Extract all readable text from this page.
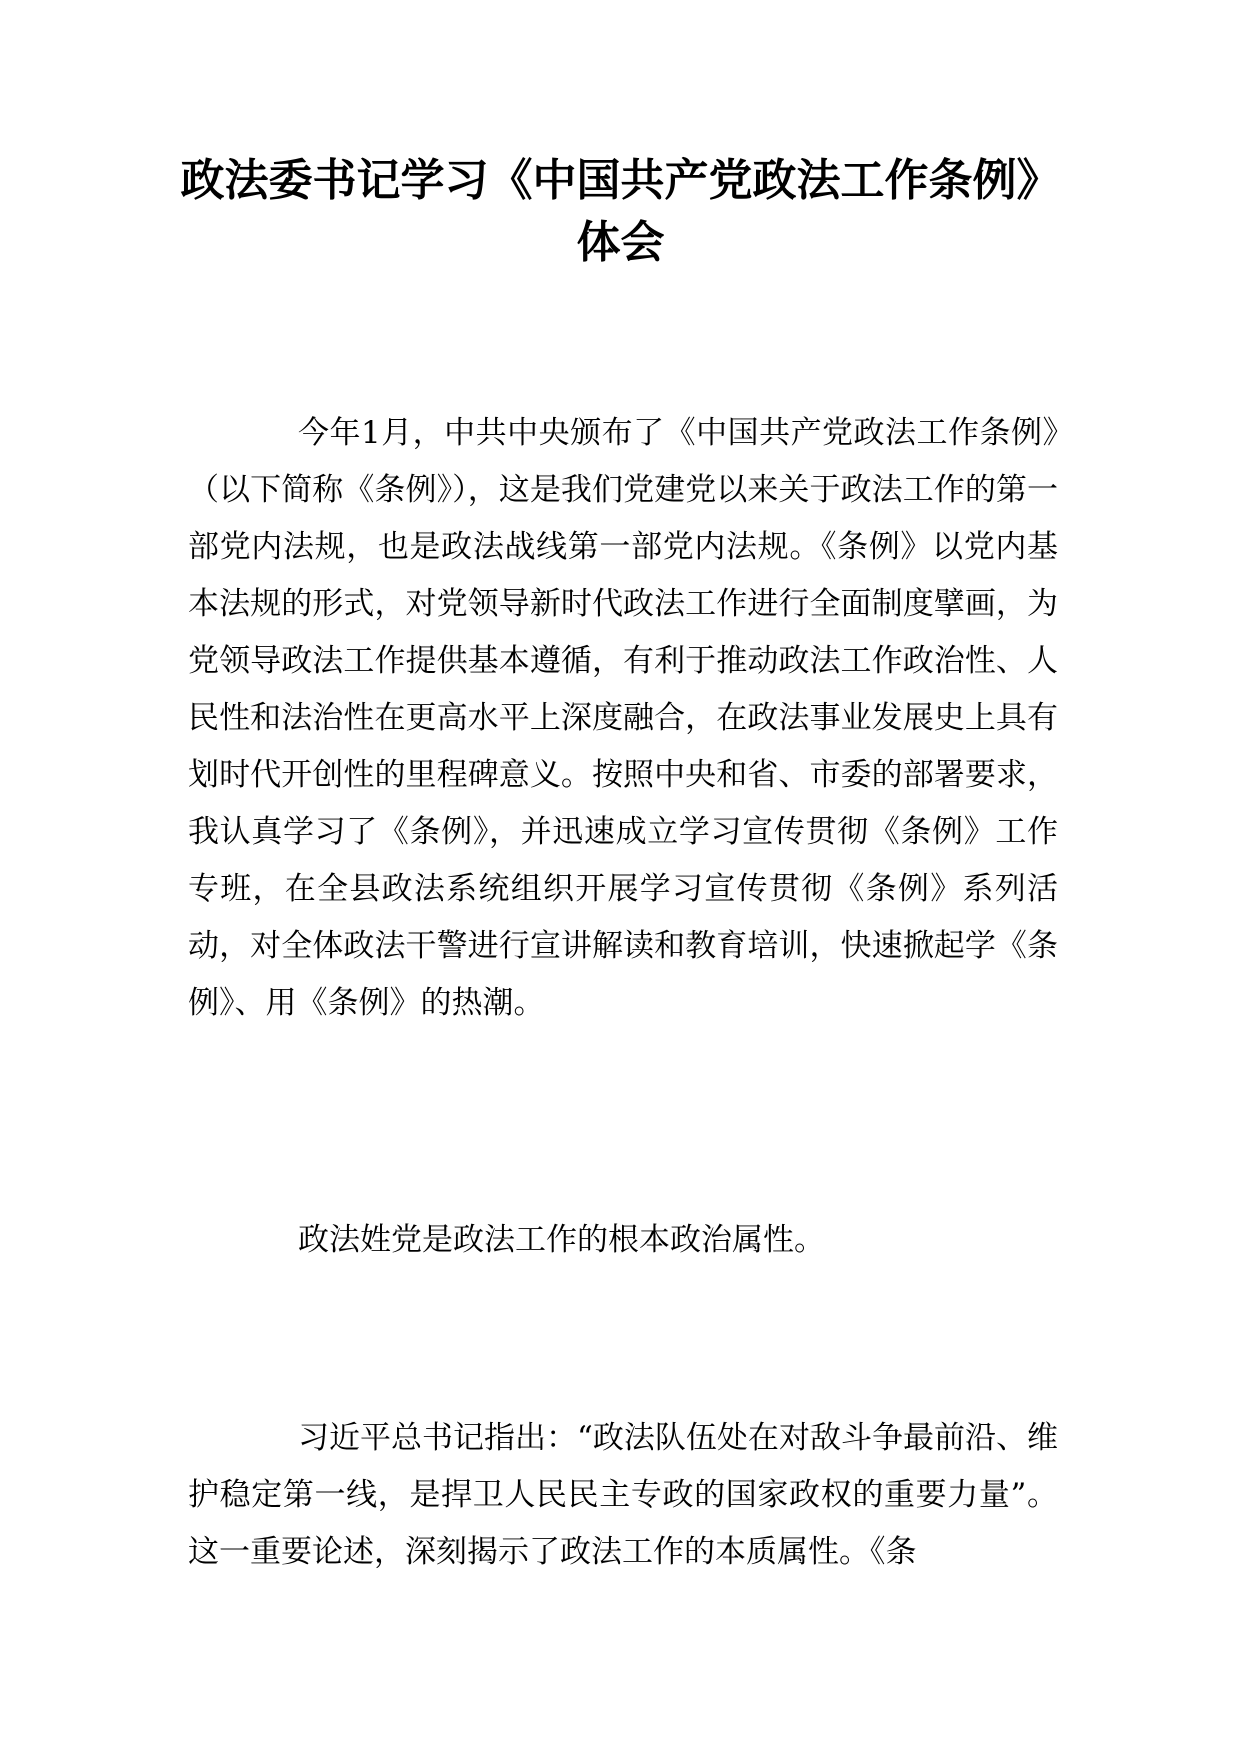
政法委书记学习《中国共产党政法工作条例》
体会

今年1月，中共中央颁布了《中国共产党政法工作条例》（以下简称《条例》），这是我们党建党以来关于政法工作的第一部党内法规，也是政法战线第一部党内法规。《条例》以党内基本法规的形式，对党领导新时代政法工作进行全面制度擘画，为党领导政法工作提供基本遵循，有利于推动政法工作政治性、人民性和法治性在更高水平上深度融合，在政法事业发展史上具有划时代开创性的里程碑意义。按照中央和省、市委的部署要求，我认真学习了《条例》，并迅速成立学习宣传贯彻《条例》工作专班，在全县政法系统组织开展学习宣传贯彻《条例》系列活动，对全体政法干警进行宣讲解读和教育培训，快速掀起学《条例》、用《条例》的热潮。

政法姓党是政法工作的根本政治属性。

习近平总书记指出：“政法队伍处在对敌斗争最前沿、维护稳定第一线，是捍卫人民民主专政的国家政权的重要力量”。这一重要论述，深刻揭示了政法工作的本质属性。《条
